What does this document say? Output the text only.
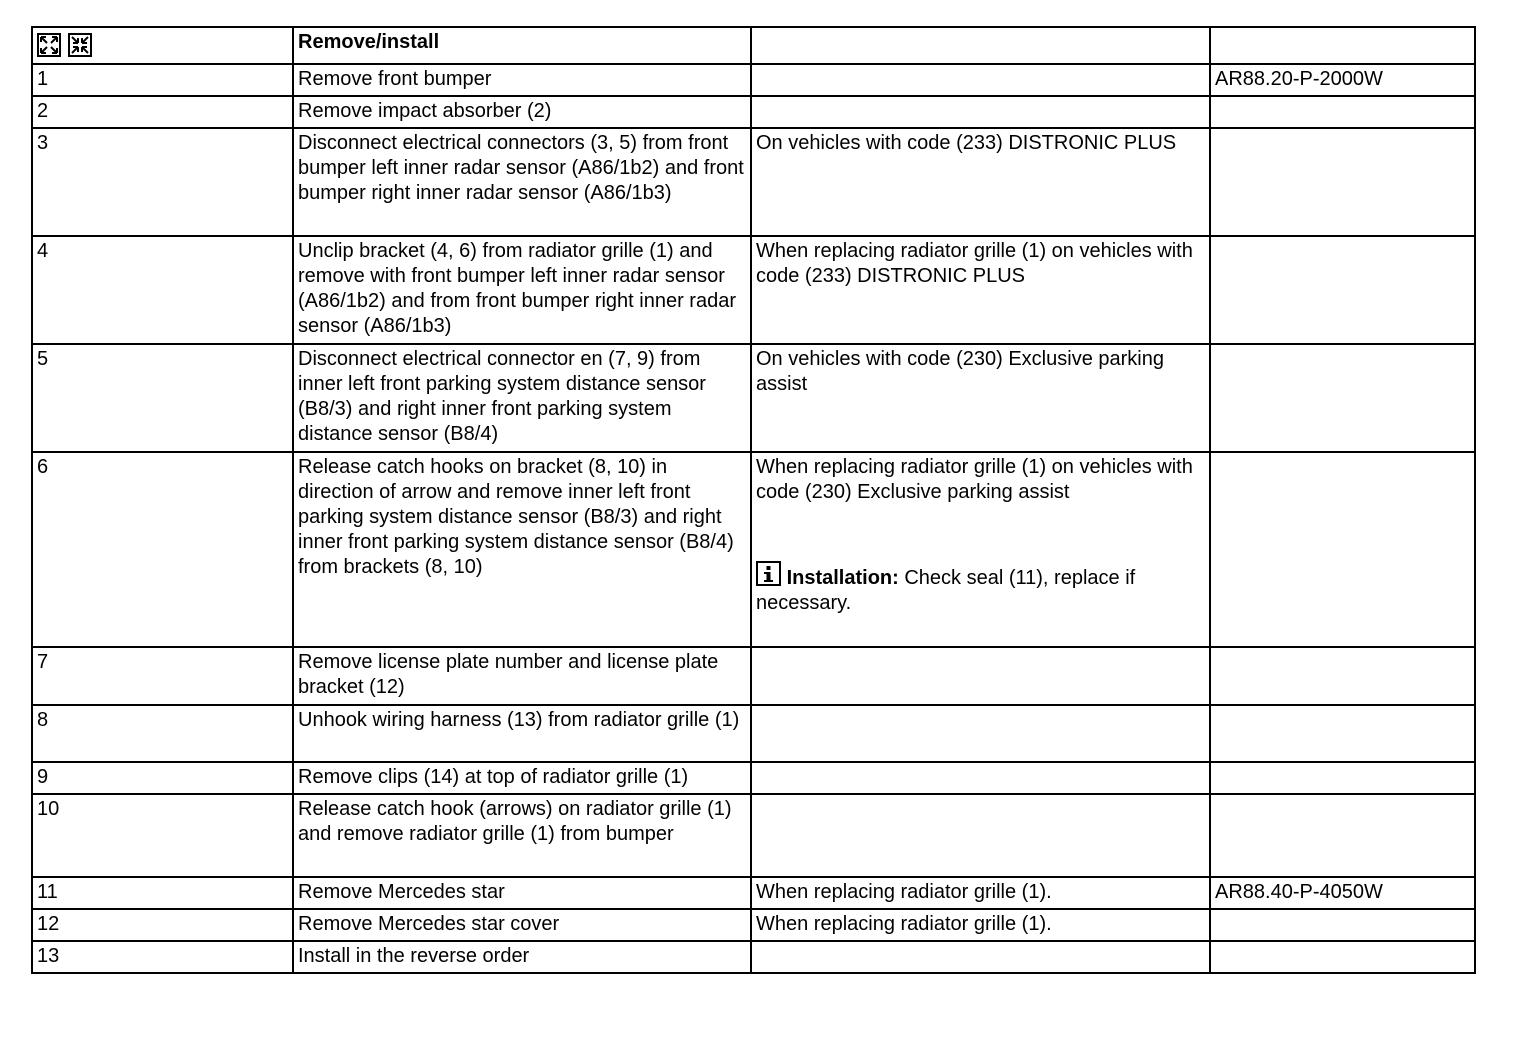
	Remove/install		
1	Remove front bumper		AR88.20-P-2000W
2	Remove impact absorber (2)		
3	Disconnect electrical connectors (3, 5) from front bumper left inner radar sensor (A86/1b2) and front bumper right inner radar sensor (A86/1b3)	On vehicles with code (233) DISTRONIC PLUS	
4	Unclip bracket (4, 6) from radiator grille (1) and remove with front bumper left inner radar sensor (A86/1b2) and from front bumper right inner radar sensor (A86/1b3)	When replacing radiator grille (1) on vehicles with code (233) DISTRONIC PLUS	
5	Disconnect electrical connector en (7, 9) from inner left front parking system distance sensor (B8/3) and right inner front parking system distance sensor (B8/4)	On vehicles with code (230) Exclusive parking assist	
6	Release catch hooks on bracket (8, 10) in direction of arrow and remove inner left front parking system distance sensor (B8/3) and right inner front parking system distance sensor (B8/4) from brackets (8, 10)	When replacing radiator grille (1) on vehicles with code (230) Exclusive parking assist
Installation: Check seal (11), replace if necessary.	

7	Remove license plate number and license plate bracket (12)		
8	Unhook wiring harness (13) from radiator grille (1)		
9	Remove clips (14) at top of radiator grille (1)		
10	Release catch hook (arrows) on radiator grille (1) and remove radiator grille (1) from bumper		
11	Remove Mercedes star	When replacing radiator grille (1).	AR88.40-P-4050W
12	Remove Mercedes star cover	When replacing radiator grille (1).	
13	Install in the reverse order		
